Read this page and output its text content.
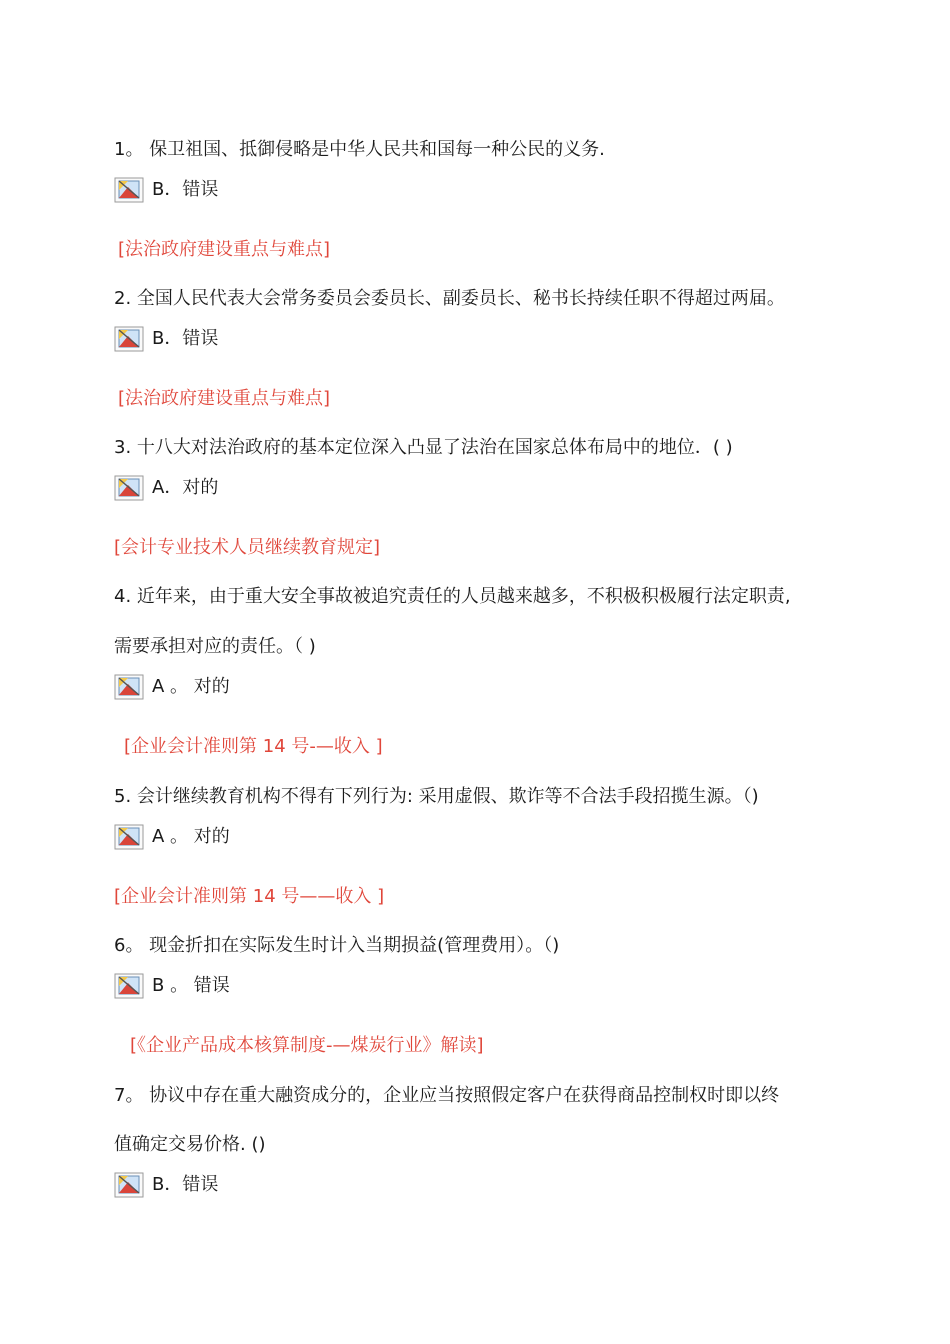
1。 保卫祖国、抵御侵略是中华人民共和国每一种公民的义务.
B．错误
[法治政府建设重点与难点]
2. 全国人民代表大会常务委员会委员长、副委员长、秘书长持续任职不得超过两届。
B．错误
[法治政府建设重点与难点]
3. 十八大对法治政府的基本定位深入凸显了法治在国家总体布局中的地位．( )
A．对的
[会计专业技术人员继续教育规定]
4. 近年来，由于重大安全事故被追究责任的人员越来越多，不积极积极履行法定职责,
需要承担对应的责任。（ )
A 。 对的
[企业会计准则第 14 号-—收入 ]
5. 会计继续教育机构不得有下列行为: 采用虚假、欺诈等不合法手段招揽生源。（)
A 。 对的
[企业会计准则第 14 号——收入 ]
6。 现金折扣在实际发生时计入当期损益(管理费用）。（)
B 。 错误
[《企业产品成本核算制度-—煤炭行业》解读]
7。 协议中存在重大融资成分的，企业应当按照假定客户在获得商品控制权时即以终
值确定交易价格. ()
B．错误
